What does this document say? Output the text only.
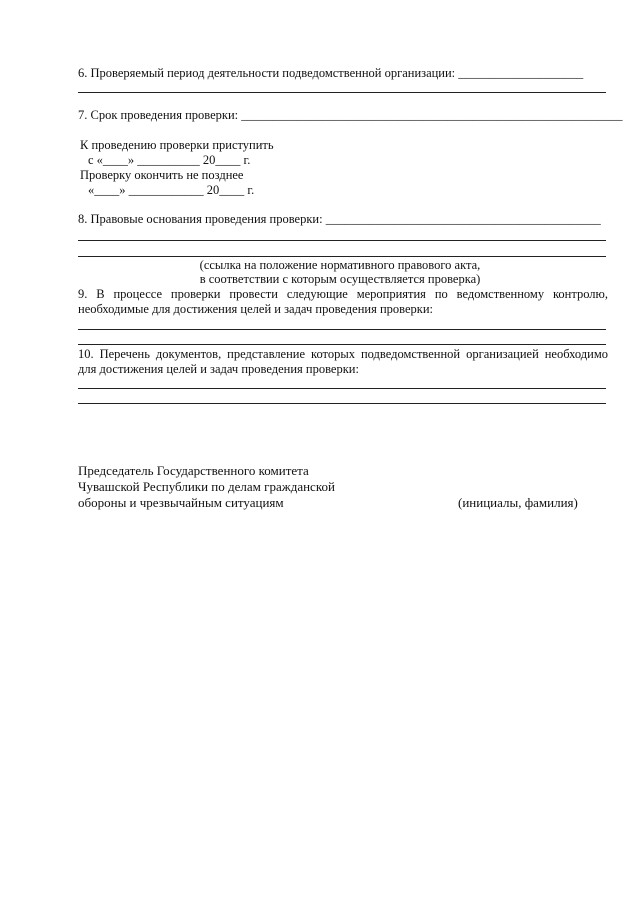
6. Проверяемый период деятельности подведомственной организации: ____________________
7. Срок проведения проверки: _____________________________________________________________
К проведению проверки приступить
с «____» __________ 20____ г.
Проверку окончить не позднее
«____» ____________ 20____ г.
8. Правовые основания проведения проверки: ____________________________________________
(ссылка на положение нормативного правового акта,
в соответствии с которым осуществляется проверка)
9. В процессе проверки провести следующие мероприятия по ведомственному контролю,
необходимые для достижения целей и задач проведения проверки:
10. Перечень документов, представление которых подведомственной организацией необходимо
для достижения целей и задач проведения проверки:
Председатель Государственного комитета
Чувашской Республики по делам гражданской
обороны и чрезвычайным ситуациям	(инициалы, фамилия)
